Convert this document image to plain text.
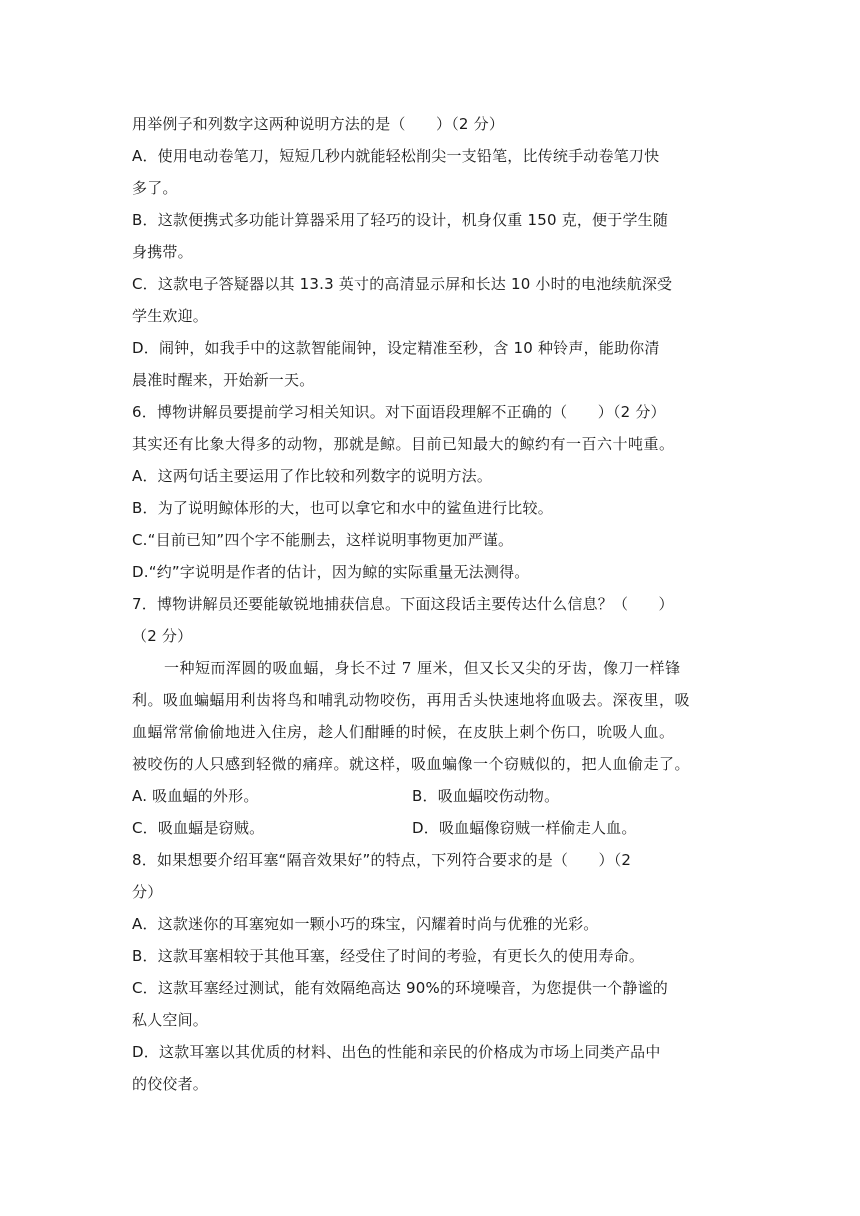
用举例子和列数字这两种说明方法的是（　　）（2 分）
A．使用电动卷笔刀，短短几秒内就能轻松削尖一支铅笔，比传统手动卷笔刀快
多了。
B．这款便携式多功能计算器采用了轻巧的设计，机身仅重 150 克，便于学生随
身携带。
C．这款电子答疑器以其 13.3 英寸的高清显示屏和长达 10 小时的电池续航深受
学生欢迎。
D．闹钟，如我手中的这款智能闹钟，设定精准至秒，含 10 种铃声，能助你清
晨准时醒来，开始新一天。
6．博物讲解员要提前学习相关知识。对下面语段理解不正确的（　　）（2 分）
其实还有比象大得多的动物，那就是鲸。目前已知最大的鲸约有一百六十吨重。
A．这两句话主要运用了作比较和列数字的说明方法。
B．为了说明鲸体形的大，也可以拿它和水中的鲨鱼进行比较。
C.“目前已知”四个字不能删去，这样说明事物更加严谨。
D.“约”字说明是作者的估计，因为鲸的实际重量无法测得。
7．博物讲解员还要能敏锐地捕获信息。下面这段话主要传达什么信息？（　　）
（2 分）
一种短而浑圆的吸血蝠，身长不过 7 厘米，但又长又尖的牙齿，像刀一样锋
利。吸血蝙蝠用利齿将鸟和哺乳动物咬伤，再用舌头快速地将血吸去。深夜里，吸
血蝠常常偷偷地进入住房，趁人们酣睡的时候，在皮肤上刺个伤口，吮吸人血。
被咬伤的人只感到轻微的痛痒。就这样，吸血蝙像一个窃贼似的，把人血偷走了。
A. 吸血蝠的外形。	B．吸血蝠咬伤动物。
C．吸血蝠是窃贼。	D．吸血蝠像窃贼一样偷走人血。
8．如果想要介绍耳塞“隔音效果好”的特点，下列符合要求的是（　　）（2
分）
A．这款迷你的耳塞宛如一颗小巧的珠宝，闪耀着时尚与优雅的光彩。
B．这款耳塞相较于其他耳塞，经受住了时间的考验，有更长久的使用寿命。
C．这款耳塞经过测试，能有效隔绝高达 90%的环境噪音，为您提供一个静谧的
私人空间。
D．这款耳塞以其优质的材料、出色的性能和亲民的价格成为市场上同类产品中
的佼佼者。
